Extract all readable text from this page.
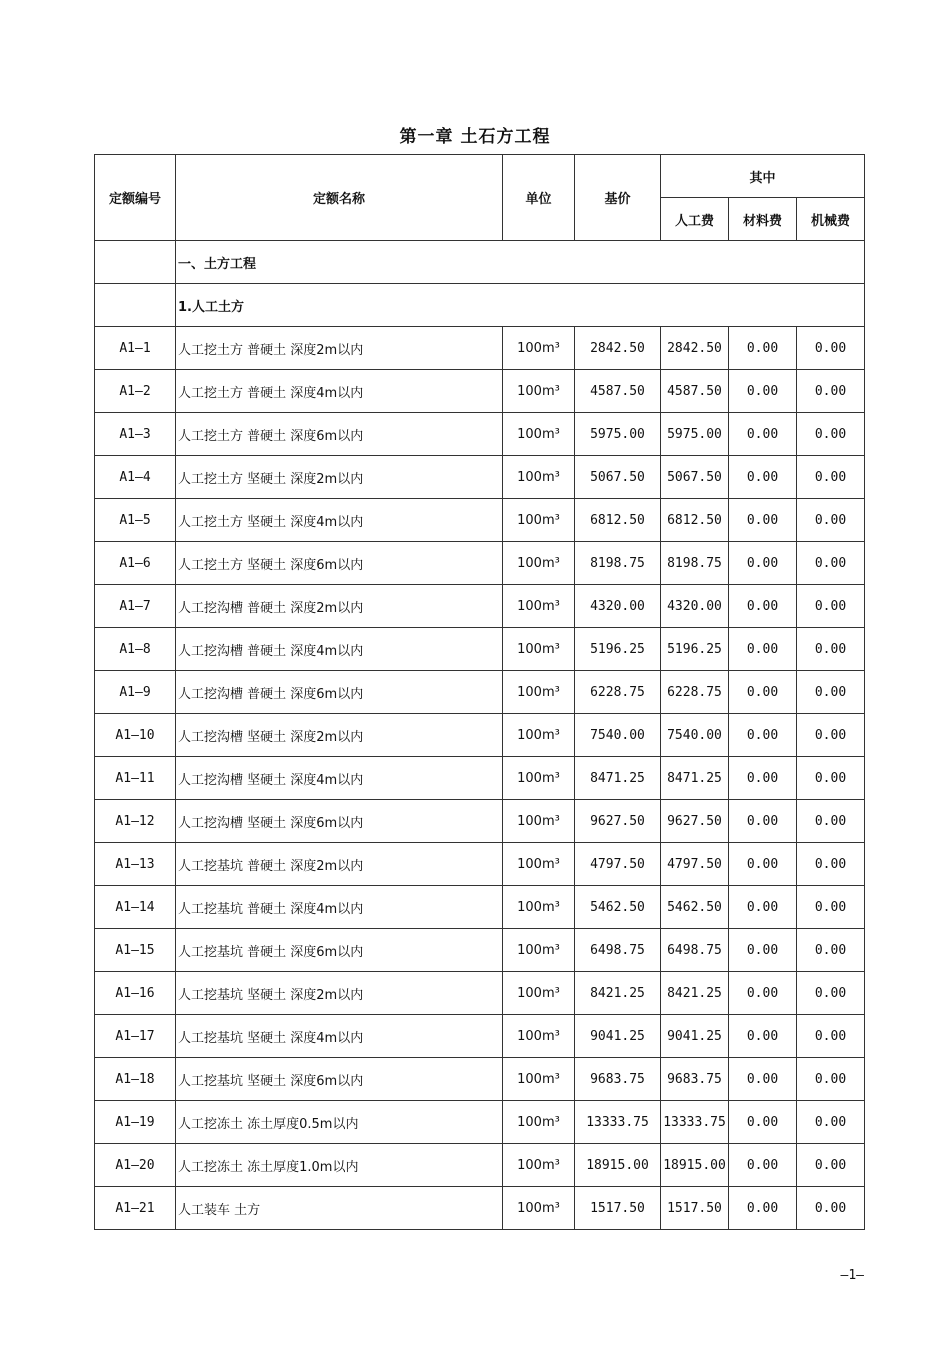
第一章 土石方工程
定额编号	定额名称	单位	基价	其中		
				人工费	材料费	机械费
	一、土方工程					
	1.人工土方					
A1—1	人工挖土方 普硬土 深度2m以内	100m³	2842.50	2842.50	0.00	0.00
A1—2	人工挖土方 普硬土 深度4m以内	100m³	4587.50	4587.50	0.00	0.00
A1—3	人工挖土方 普硬土 深度6m以内	100m³	5975.00	5975.00	0.00	0.00
A1—4	人工挖土方 坚硬土 深度2m以内	100m³	5067.50	5067.50	0.00	0.00
A1—5	人工挖土方 坚硬土 深度4m以内	100m³	6812.50	6812.50	0.00	0.00
A1—6	人工挖土方 坚硬土 深度6m以内	100m³	8198.75	8198.75	0.00	0.00
A1—7	人工挖沟槽 普硬土 深度2m以内	100m³	4320.00	4320.00	0.00	0.00
A1—8	人工挖沟槽 普硬土 深度4m以内	100m³	5196.25	5196.25	0.00	0.00
A1—9	人工挖沟槽 普硬土 深度6m以内	100m³	6228.75	6228.75	0.00	0.00
A1—10	人工挖沟槽 坚硬土 深度2m以内	100m³	7540.00	7540.00	0.00	0.00
A1—11	人工挖沟槽 坚硬土 深度4m以内	100m³	8471.25	8471.25	0.00	0.00
A1—12	人工挖沟槽 坚硬土 深度6m以内	100m³	9627.50	9627.50	0.00	0.00
A1—13	人工挖基坑 普硬土 深度2m以内	100m³	4797.50	4797.50	0.00	0.00
A1—14	人工挖基坑 普硬土 深度4m以内	100m³	5462.50	5462.50	0.00	0.00
A1—15	人工挖基坑 普硬土 深度6m以内	100m³	6498.75	6498.75	0.00	0.00
A1—16	人工挖基坑 坚硬土 深度2m以内	100m³	8421.25	8421.25	0.00	0.00
A1—17	人工挖基坑 坚硬土 深度4m以内	100m³	9041.25	9041.25	0.00	0.00
A1—18	人工挖基坑 坚硬土 深度6m以内	100m³	9683.75	9683.75	0.00	0.00
A1—19	人工挖冻土 冻土厚度0.5m以内	100m³	13333.75	13333.75	0.00	0.00
A1—20	人工挖冻土 冻土厚度1.0m以内	100m³	18915.00	18915.00	0.00	0.00
A1—21	人工装车 土方	100m³	1517.50	1517.50	0.00	0.00
—1—
